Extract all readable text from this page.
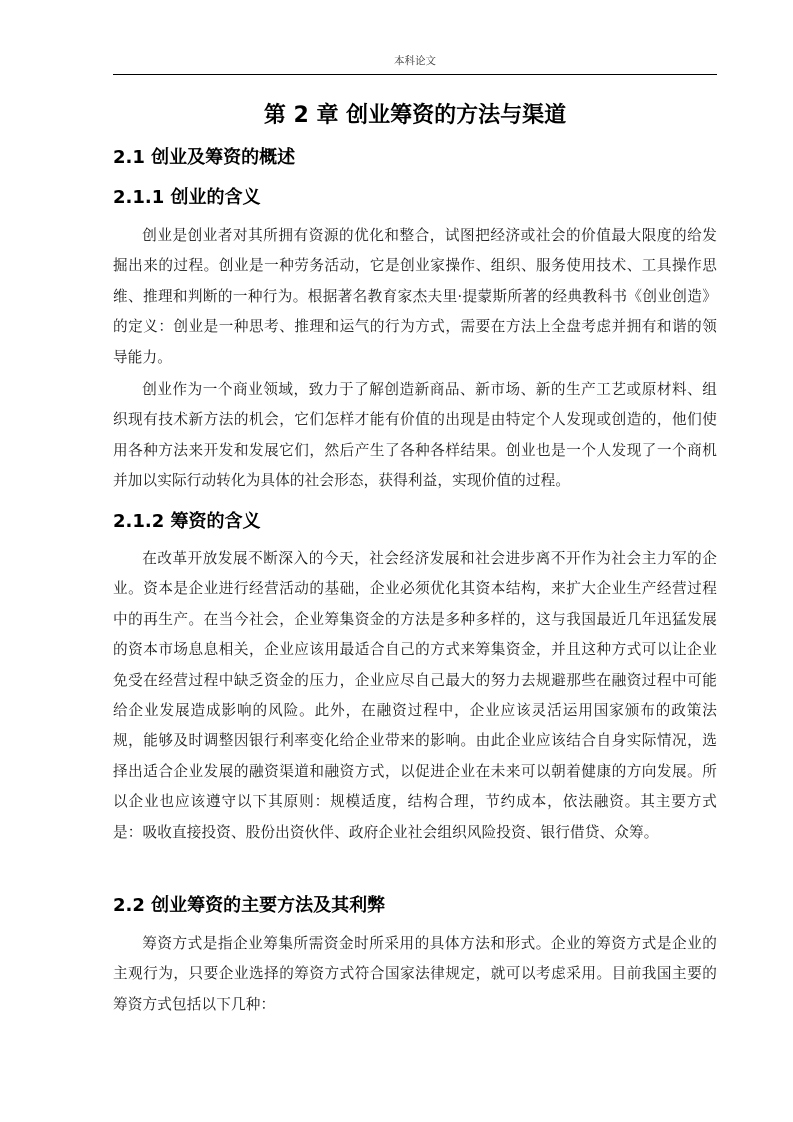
本科论文
第 2 章 创业筹资的方法与渠道
2.1 创业及筹资的概述
2.1.1 创业的含义

创业是创业者对其所拥有资源的优化和整合，试图把经济或社会的价值最大限度的给发掘出来的过程。创业是一种劳务活动，它是创业家操作、组织、服务使用技术、工具操作思维、推理和判断的一种行为。根据著名教育家杰夫里·提蒙斯所著的经典教科书《创业创造》的定义：创业是一种思考、推理和运气的行为方式，需要在方法上全盘考虑并拥有和谐的领导能力。

创业作为一个商业领域，致力于了解创造新商品、新市场、新的生产工艺或原材料、组织现有技术新方法的机会，它们怎样才能有价值的出现是由特定个人发现或创造的，他们使用各种方法来开发和发展它们，然后产生了各种各样结果。创业也是一个人发现了一个商机并加以实际行动转化为具体的社会形态，获得利益，实现价值的过程。

2.1.2 筹资的含义

在改革开放发展不断深入的今天，社会经济发展和社会进步离不开作为社会主力军的企业。资本是企业进行经营活动的基础，企业必须优化其资本结构，来扩大企业生产经营过程中的再生产。在当今社会，企业筹集资金的方法是多种多样的，这与我国最近几年迅猛发展的资本市场息息相关，企业应该用最适合自己的方式来筹集资金，并且这种方式可以让企业免受在经营过程中缺乏资金的压力，企业应尽自己最大的努力去规避那些在融资过程中可能给企业发展造成影响的风险。此外，在融资过程中，企业应该灵活运用国家颁布的政策法规，能够及时调整因银行利率变化给企业带来的影响。由此企业应该结合自身实际情况，选择出适合企业发展的融资渠道和融资方式，以促进企业在未来可以朝着健康的方向发展。所以企业也应该遵守以下其原则：规模适度，结构合理，节约成本，依法融资。其主要方式是：吸收直接投资、股份出资伙伴、政府企业社会组织风险投资、银行借贷、众筹。

2.2 创业筹资的主要方法及其利弊

筹资方式是指企业筹集所需资金时所采用的具体方法和形式。企业的筹资方式是企业的主观行为，只要企业选择的筹资方式符合国家法律规定，就可以考虑采用。目前我国主要的筹资方式包括以下几种：
